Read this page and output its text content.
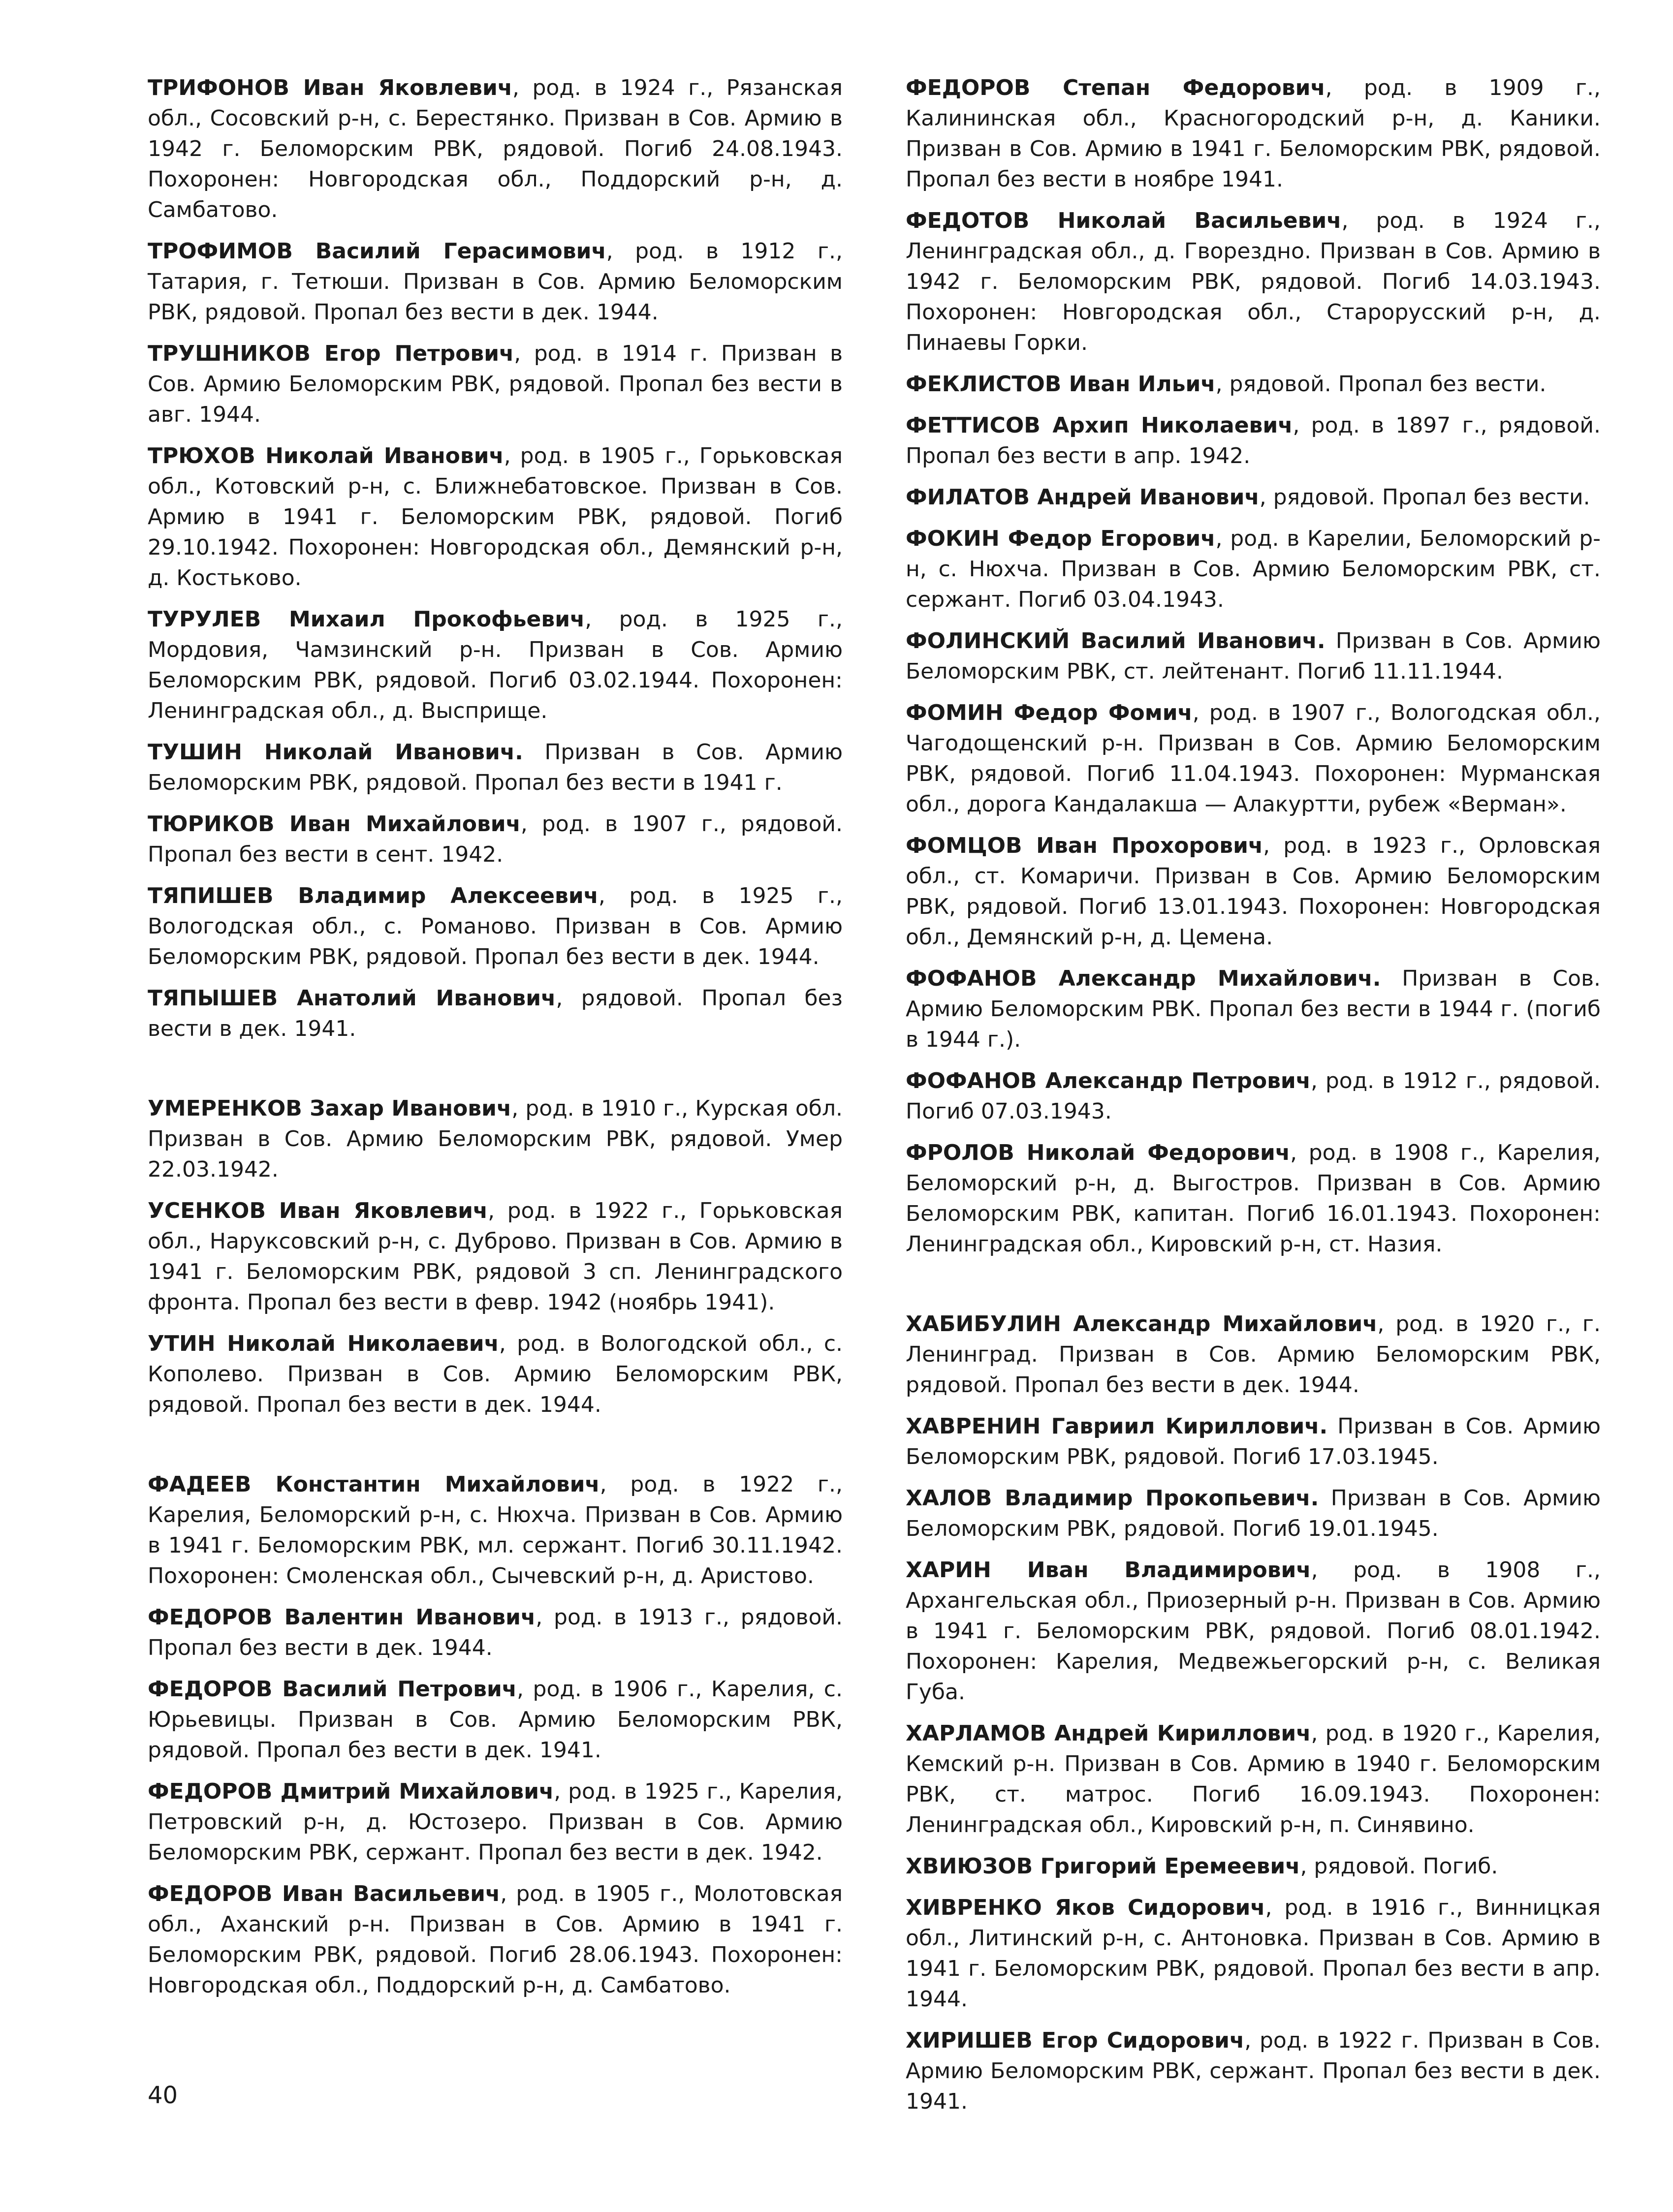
ТРИФОНОВ Иван Яковлевич, род. в 1924 г., Рязанская обл., Сосовский р-н, с. Берестянко. Призван в Сов. Армию в 1942 г. Беломорским РВК, рядовой. Погиб 24.08.1943. Похоронен: Новгородская обл., Поддорский р-н, д. Самбатово.

ТРОФИМОВ Василий Герасимович, род. в 1912 г., Татария, г. Тетюши. Призван в Сов. Армию Беломорским РВК, рядовой. Пропал без вести в дек. 1944.

ТРУШНИКОВ Егор Петрович, род. в 1914 г. Призван в Сов. Армию Беломорским РВК, рядовой. Пропал без вести в авг. 1944.

ТРЮХОВ Николай Иванович, род. в 1905 г., Горьковская обл., Котовский р-н, с. Ближнебатовское. Призван в Сов. Армию в 1941 г. Беломорским РВК, рядовой. Погиб 29.10.1942. Похоронен: Новгородская обл., Демянский р-н, д. Костьково.

ТУРУЛЕВ Михаил Прокофьевич, род. в 1925 г., Мордовия, Чамзинский р-н. Призван в Сов. Армию Беломорским РВК, рядовой. Погиб 03.02.1944. Похоронен: Ленинградская обл., д. Высприще.

ТУШИН Николай Иванович. Призван в Сов. Армию Беломорским РВК, рядовой. Пропал без вести в 1941 г.

ТЮРИКОВ Иван Михайлович, род. в 1907 г., рядовой. Пропал без вести в сент. 1942.

ТЯПИШЕВ Владимир Алексеевич, род. в 1925 г., Вологодская обл., с. Романово. Призван в Сов. Армию Беломорским РВК, рядовой. Пропал без вести в дек. 1944.

ТЯПЫШЕВ Анатолий Иванович, рядовой. Пропал без вести в дек. 1941.

УМЕРЕНКОВ Захар Иванович, род. в 1910 г., Курская обл. Призван в Сов. Армию Беломорским РВК, рядовой. Умер 22.03.1942.

УСЕНКОВ Иван Яковлевич, род. в 1922 г., Горьковская обл., Наруксовский р-н, с. Дуброво. Призван в Сов. Армию в 1941 г. Беломорским РВК, рядовой 3 сп. Ленинградского фронта. Пропал без вести в февр. 1942 (ноябрь 1941).

УТИН Николай Николаевич, род. в Вологодской обл., с. Кополево. Призван в Сов. Армию Беломорским РВК, рядовой. Пропал без вести в дек. 1944.

ФАДЕЕВ Константин Михайлович, род. в 1922 г., Карелия, Беломорский р-н, с. Нюхча. Призван в Сов. Армию в 1941 г. Беломорским РВК, мл. сержант. Погиб 30.11.1942. Похоронен: Смоленская обл., Сычевский р-н, д. Аристово.

ФЕДОРОВ Валентин Иванович, род. в 1913 г., рядовой. Пропал без вести в дек. 1944.

ФЕДОРОВ Василий Петрович, род. в 1906 г., Карелия, с. Юрьевицы. Призван в Сов. Армию Беломорским РВК, рядовой. Пропал без вести в дек. 1941.

ФЕДОРОВ Дмитрий Михайлович, род. в 1925 г., Карелия, Петровский р-н, д. Юстозеро. Призван в Сов. Армию Беломорским РВК, сержант. Пропал без вести в дек. 1942.

ФЕДОРОВ Иван Васильевич, род. в 1905 г., Молотовская обл., Аханский р-н. Призван в Сов. Армию в 1941 г. Беломорским РВК, рядовой. Погиб 28.06.1943. Похоронен: Новгородская обл., Поддорский р-н, д. Самбатово.

ФЕДОРОВ Степан Федорович, род. в 1909 г., Калининская обл., Красногородский р-н, д. Каники. Призван в Сов. Армию в 1941 г. Беломорским РВК, рядовой. Пропал без вести в ноябре 1941.

ФЕДОТОВ Николай Васильевич, род. в 1924 г., Ленинградская обл., д. Гворездно. Призван в Сов. Армию в 1942 г. Беломорским РВК, рядовой. Погиб 14.03.1943. Похоронен: Новгородская обл., Старорусский р-н, д. Пинаевы Горки.

ФЕКЛИСТОВ Иван Ильич, рядовой. Пропал без вести.

ФЕТТИСОВ Архип Николаевич, род. в 1897 г., рядовой. Пропал без вести в апр. 1942.

ФИЛАТОВ Андрей Иванович, рядовой. Пропал без вести.

ФОКИН Федор Егорович, род. в Карелии, Беломорский р-н, с. Нюхча. Призван в Сов. Армию Беломорским РВК, ст. сержант. Погиб 03.04.1943.

ФОЛИНСКИЙ Василий Иванович. Призван в Сов. Армию Беломорским РВК, ст. лейтенант. Погиб 11.11.1944.

ФОМИН Федор Фомич, род. в 1907 г., Вологодская обл., Чагодощенский р-н. Призван в Сов. Армию Беломорским РВК, рядовой. Погиб 11.04.1943. Похоронен: Мурманская обл., дорога Кандалакша — Алакуртти, рубеж «Верман».

ФОМЦОВ Иван Прохорович, род. в 1923 г., Орловская обл., ст. Комаричи. Призван в Сов. Армию Беломорским РВК, рядовой. Погиб 13.01.1943. Похоронен: Новгородская обл., Демянский р-н, д. Цемена.

ФОФАНОВ Александр Михайлович. Призван в Сов. Армию Беломорским РВК. Пропал без вести в 1944 г. (погиб в 1944 г.).

ФОФАНОВ Александр Петрович, род. в 1912 г., рядовой. Погиб 07.03.1943.

ФРОЛОВ Николай Федорович, род. в 1908 г., Карелия, Беломорский р-н, д. Выгостров. Призван в Сов. Армию Беломорским РВК, капитан. Погиб 16.01.1943. Похоронен: Ленинградская обл., Кировский р-н, ст. Назия.

ХАБИБУЛИН Александр Михайлович, род. в 1920 г., г. Ленинград. Призван в Сов. Армию Беломорским РВК, рядовой. Пропал без вести в дек. 1944.

ХАВРЕНИН Гавриил Кириллович. Призван в Сов. Армию Беломорским РВК, рядовой. Погиб 17.03.1945.

ХАЛОВ Владимир Прокопьевич. Призван в Сов. Армию Беломорским РВК, рядовой. Погиб 19.01.1945.

ХАРИН Иван Владимирович, род. в 1908 г., Архангельская обл., Приозерный р-н. Призван в Сов. Армию в 1941 г. Беломорским РВК, рядовой. Погиб 08.01.1942. Похоронен: Карелия, Медвежьегорский р-н, с. Великая Губа.

ХАРЛАМОВ Андрей Кириллович, род. в 1920 г., Карелия, Кемский р-н. Призван в Сов. Армию в 1940 г. Беломорским РВК, ст. матрос. Погиб 16.09.1943. Похоронен: Ленинградская обл., Кировский р-н, п. Синявино.

ХВИЮЗОВ Григорий Еремеевич, рядовой. Погиб.

ХИВРЕНКО Яков Сидорович, род. в 1916 г., Винницкая обл., Литинский р-н, с. Антоновка. Призван в Сов. Армию в 1941 г. Беломорским РВК, рядовой. Пропал без вести в апр. 1944.

ХИРИШЕВ Егор Сидорович, род. в 1922 г. Призван в Сов. Армию Беломорским РВК, сержант. Пропал без вести в дек. 1941.

40
